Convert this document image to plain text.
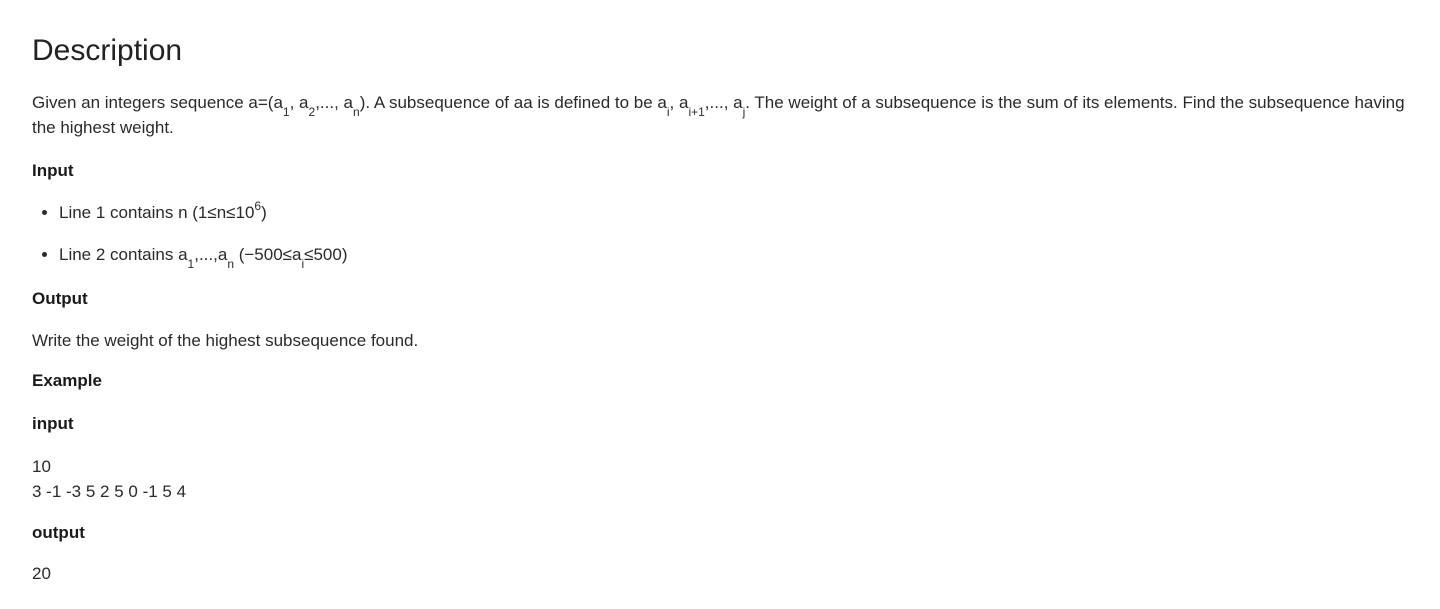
Description

Given an integers sequence $a=(a_1$, $a_2$,..., $a_n$). A subsequence of aa is defined to be $a_i$, $a_{i+1}$,..., $a_j$. The weight of a subsequence is the sum of its elements. Find the subsequence having the highest weight.

Input

• Line 1 contains n $(1\le n\le 10^6)$
• Line 2 contains $a_1,...,a_n$ $(-500\le a_i\le 500)$

Output

Write the weight of the highest subsequence found.

Example

input

10
3 -1 -3 5 2 5 0 -1 5 4

output

20
